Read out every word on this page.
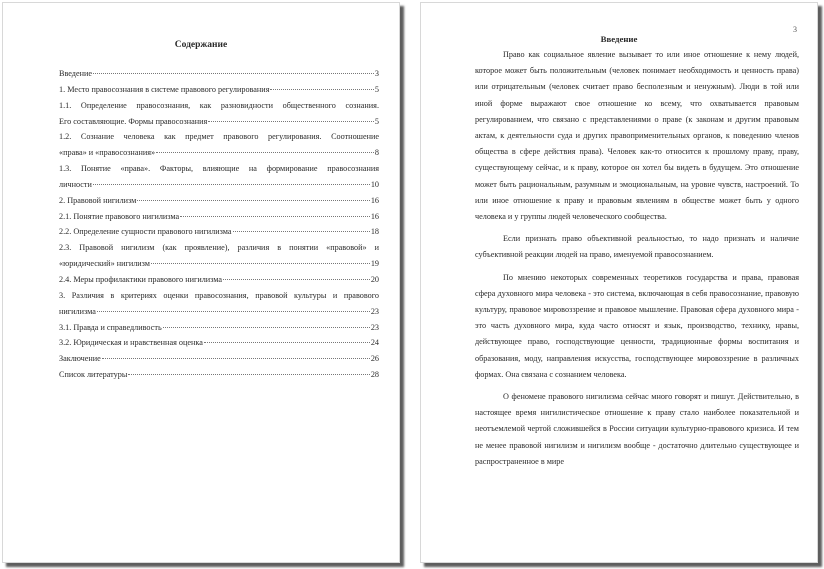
Содержание
Введение	3
1. Место правосознания в системе правового регулирования	5
1.1. Определение правосознания, как разновидности общественного сознания.
Его составляющие. Формы правосознания	5
1.2. Сознание человека как предмет правового регулирования. Соотношение
«права» и «правосознания»	8
1.3. Понятие «права». Факторы, влияющие на формирование правосознания
личности	10
2. Правовой нигилизм	16
2.1. Понятие правового нигилизма	16
2.2. Определение сущности правового нигилизма	18
2.3. Правовой нигилизм (как проявление), различия в понятии «правовой» и
«юридический» нигилизм	19
2.4. Меры профилактики правового нигилизма	20
3. Различия в критериях оценки правосознания, правовой культуры и правового
нигилизма	23
3.1. Правда и справедливость	23
3.2. Юридическая и нравственная оценка	24
Заключение	26
Список литературы	28
3
Введение

Право как социальное явление вызывает то или иное отношение к нему людей, которое может быть положительным (человек понимает необходимость и ценность права) или отрицательным (человек считает право бесполезным и ненужным). Люди в той или иной форме выражают свое отношение ко всему, что охватывается правовым регулированием, что связано с представлениями о праве (к законам и другим правовым актам, к деятельности суда и других правоприменительных органов, к поведению членов общества в сфере действия права). Человек как-то относится к прошлому праву, праву, существующему сейчас, и к праву, которое он хотел бы видеть в будущем. Это отношение может быть рациональным, разумным и эмоциональным, на уровне чувств, настроений. То или иное отношение к праву и правовым явлениям в обществе может быть у одного человека и у группы людей человеческого сообщества.

Если признать право объективной реальностью, то надо признать и наличие субъективной реакции людей на право, именуемой правосознанием.

По мнению некоторых современных теоретиков государства и права, правовая сфера духовного мира человека - это система, включающая в себя правосознание, правовую культуру, правовое мировоззрение и правовое мышление. Правовая сфера духовного мира - это часть духовного мира, куда часто относят и язык, производство, технику, нравы, действующее право, господствующие ценности, традиционные формы воспитания и образования, моду, направления искусства, господствующее мировоззрение в различных формах. Она связана с сознанием человека.

О феномене правового нигилизма сейчас много говорят и пишут. Действительно, в настоящее время нигилистическое отношение к праву стало наиболее показательной и неотъемлемой чертой сложившейся в России ситуации культурно-правового кризиса. И тем не менее правовой нигилизм и нигилизм вообще - достаточно длительно существующее и распространенное в мире
